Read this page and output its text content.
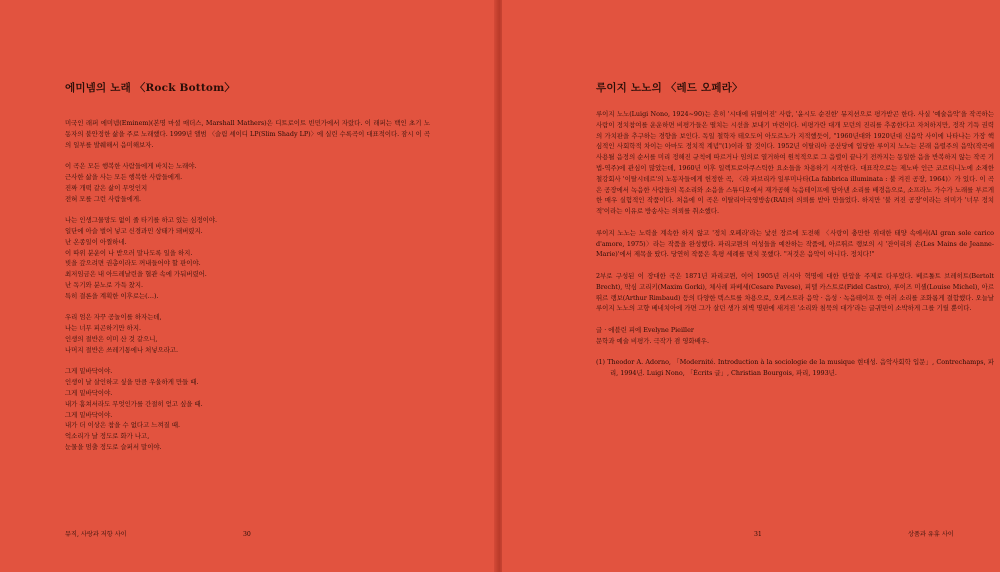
에미넴의 노래 〈Rock Bottom〉
미국인 래퍼 에미넴(Eminem)(본명 마셜 매더스, Marshall Mathers)은 디트로이트 빈민가에서 자랐다. 이 래퍼는 백인 초기 노동자의 불안정한 삶을 주로 노래했다. 1999년 앨범 〈슬림 셰이디 LP(Slim Shady LP)〉에 실린 수록곡이 대표적이다. 잠시 이 곡의 일부를 발췌해서 음미해보자.
이 곡은 모든 행복한 사람들에게 바치는 노래야.
근사한 삶을 사는 모든 행복한 사람들에게.
진짜 개떡 같은 삶이 무엇인지
전혀 모를 그런 사람들에게.
나는 인생그물망도 없이 줄 타기를 하고 있는 심정이야.
일단에 아슬 벌어 넣고 신경과민 상태가 돼버렸지.
난 온종일이 아찔하네.
이 따위 분운이 나 받으러 말나도록 일을 하지.
빚을 갚으려면 권총이라도 꺼내들어야 할 판이야.
최저임금은 내 아드레날린을 혈관 속에 가둬버렸어.
난 독기와 분노로 가득 찼지.
특히 결론을 계획한 이후로는(…).
우리 엄은 자꾸 공놀이를 하자는데,
나는 너무 피곤하기만 하지.
인생의 절반은 이미 산 것 같으니,
나머지 절반은 쓰레기통에나 처넣으라고.
그게 밑바닥이야.
인생이 날 살인하고 싶을 만큼 우울하게 만들 때.
그게 밑바닥이야.
내가 훔쳐서라도 무엇인가를 간절히 얻고 싶을 때.
그게 밑바닥이야.
내가 더 이상은 참을 수 없다고 느껴질 때.
억소리가 날 정도로 화가 나고,
눈물을 멈출 정도로 슬퍼서 말이야.
뮤직, 사랑과 저항 사이	30
루이지 노노의 〈레드 오페라〉
루이지 노노(Luigi Nono, 1924~90)는 흔히 '시대에 뒤떨어진' 사람, '윤시도 순진한' 뮤지션으로 평가받곤 한다. 사실 '예술음악'을 작곡하는 사람이 정치참여를 운운하면 비평가들은 떨치는 시선을 보내기 마련이다. 비평가란 대개 모던의 진리를 추종한다고 자처하지만, 정작 기득 권력의 가치판을 추구하는 경향을 보인다. 독일 철학자 테오도어 아도르노가 지적했듯이, "1960년대와 1920년대 신음악 사이에 나타나는 가장 핵심적인 사회학적 차이는 아마도 정치적 계념"(1)이라 할 것이다. 1952년 이탈리아 공산당에 입당한 루이지 노노는 본래 음렬주의 음악(작곡에 사용될 음정의 순서를 미리 정해진 규칙에 따르거나 임의로 열거하여 원칙적으로 그 음렬이 끝나기 전까지는 동일한 음을 반복하지 않는 작곡 기법-역주)에 관심이 많았는데, 1960년 이후 일렉트로아쿠스틱한 요소들을 차용하기 시작한다. 대표작으로는 제노바 인근 코르티니노에 소재한 철강회사 '이탈시데르'의 노동자들에게 헌정한 곡, 〈라 파브리카 일루미나타(La fabbrica illuminata : 불 켜진 공장, 1964)〉가 있다. 이 곡은 공장에서 녹음한 사람들의 목소리와 소음을 스튜디오에서 재가공해 녹음테이프에 담아낸 소리를 배경음으로, 소프라노 가수가 노래를 부르게 한 매우 실험적인 작품이다. 처음에 이 곡은 이탈리아국영방송(RAI)의 의뢰를 받아 만들었다. 하지만 '불 켜진 공장'이라는 의미가 '너무 정치적'이라는 이유로 방송사는 의뢰를 취소했다.
루이지 노노는 노력을 계속한 하지 않고 '정치 오페라'라는 낯선 장르에 도전해 〈사랑이 충만한 위대한 태양 속에서(Al gran sole carico d'amore, 1975)〉라는 작품을 완성했다. 파리코뮌의 여성들을 예찬하는 작품에, 아르뛰르 랭보의 시 '잔이리의 손(Les Mains de Jeanne-Marie)'에서 제목을 땄다. 당연히 작품은 혹평 세례를 면치 못했다. "저것은 음악이 아니다. 정치다!"
2부로 구성된 이 장대한 곡은 1871년 파리코뮌, 이어 1905년 러시아 혁명에 대한 탄압을 주제로 다루었다. 베르톨트 브레히트(Bertolt Brecht), 막심 고리키(Maxim Gorki), 체사레 파베세(Cesare Pavese), 피델 카스트로(Fidel Castro), 루이즈 미셸(Louise Michel), 아르뛰르 랭보(Arthur Rimbaud) 등의 다양한 텍스트를 차용으로, 오케스트라 음악 · 음성 · 녹음테이프 등 여러 소리를 조화롭게 결합했다. 오늘날 루이지 노노의 고향 베네치아에 가면 그가 살던 생가 외벽 명판에 새겨진 '소리와 침묵의 대가'라는 글귀만이 소박하게 그를 기릴 뿐이다.
글 · 에블린 피에 Evelyne Pieiller
문학과 예술 비평가. 극작가 겸 영화배우.
(1) Theodor A. Adorno, 「Modernité. Introduction à la sociologie de la musique 현대성. 음악사회학 입문」, Contrechamps, 파리, 1994년. Luigi Nono, 「Écrits 글」, Christian Bourgois, 파리, 1993년.
31	상품과 유휴 사이
